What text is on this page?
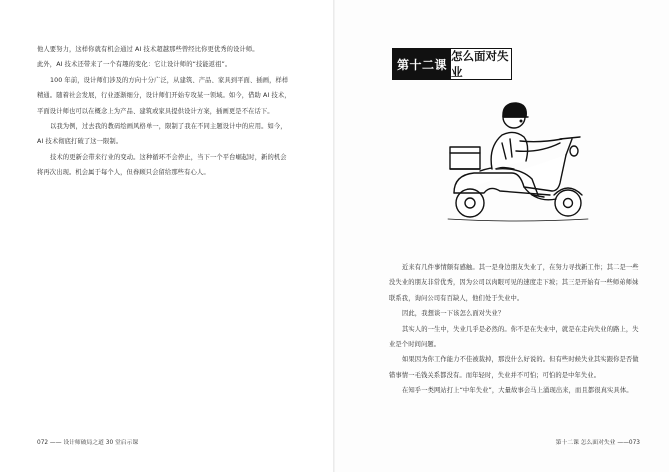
他人要努力，这样你就有机会通过 AI 技术超越那些曾经比你更优秀的设计师。

此外，AI 技术还带来了一个有趣的变化：它让设计师的“技能返祖”。

100 年前，设计师们涉及的方向十分广泛，从建筑、产品、家具到平面、插画，样样精通。随着社会发展，行业逐渐细分，设计师们开始专攻某一领域。如今，借助 AI 技术，平面设计师也可以在概念上为产品、建筑或家具提供设计方案，插画更是不在话下。

以我为例，过去我的教码绘画风格单一，限制了我在不同主题设计中的应用。如今，AI 技术彻底打破了这一限制。

技术的更新会带来行业的变动。这种循环不会停止，当下一个平台崛起时，新的机会将再次出现。机会属于每个人，但眷顾只会留给那些有心人。

072 —— 设计师破局之道 30 堂启示课
第十二课
怎么面对失业

近来有几件事情颇有感触。其一是身边朋友失业了，在努力寻找新工作；其二是一些没失业的朋友非常优秀，因为公司以肉眼可见的速度走下坡；其三是开始有一些师弟师妹联系我，询问公司有百缺人，他们处于失业中。

因此，我想谈一下该怎么面对失业？

其实人的一生中，失业几乎是必然的。你不是在失业中，就是在走向失业的路上，失业是个时间问题。

如果因为你工作能力不佳被裁掉，那没什么好说的。但有些时候失业其实跟你是否做错事情一毛钱关系都没有。而年轻时，失业并不可怕；可怕的是中年失业。

在知乎一类网站打上“中年失业”，大量故事会马上涌现出来，而且都很真实具体。

第十二课 怎么面对失业 ——073
